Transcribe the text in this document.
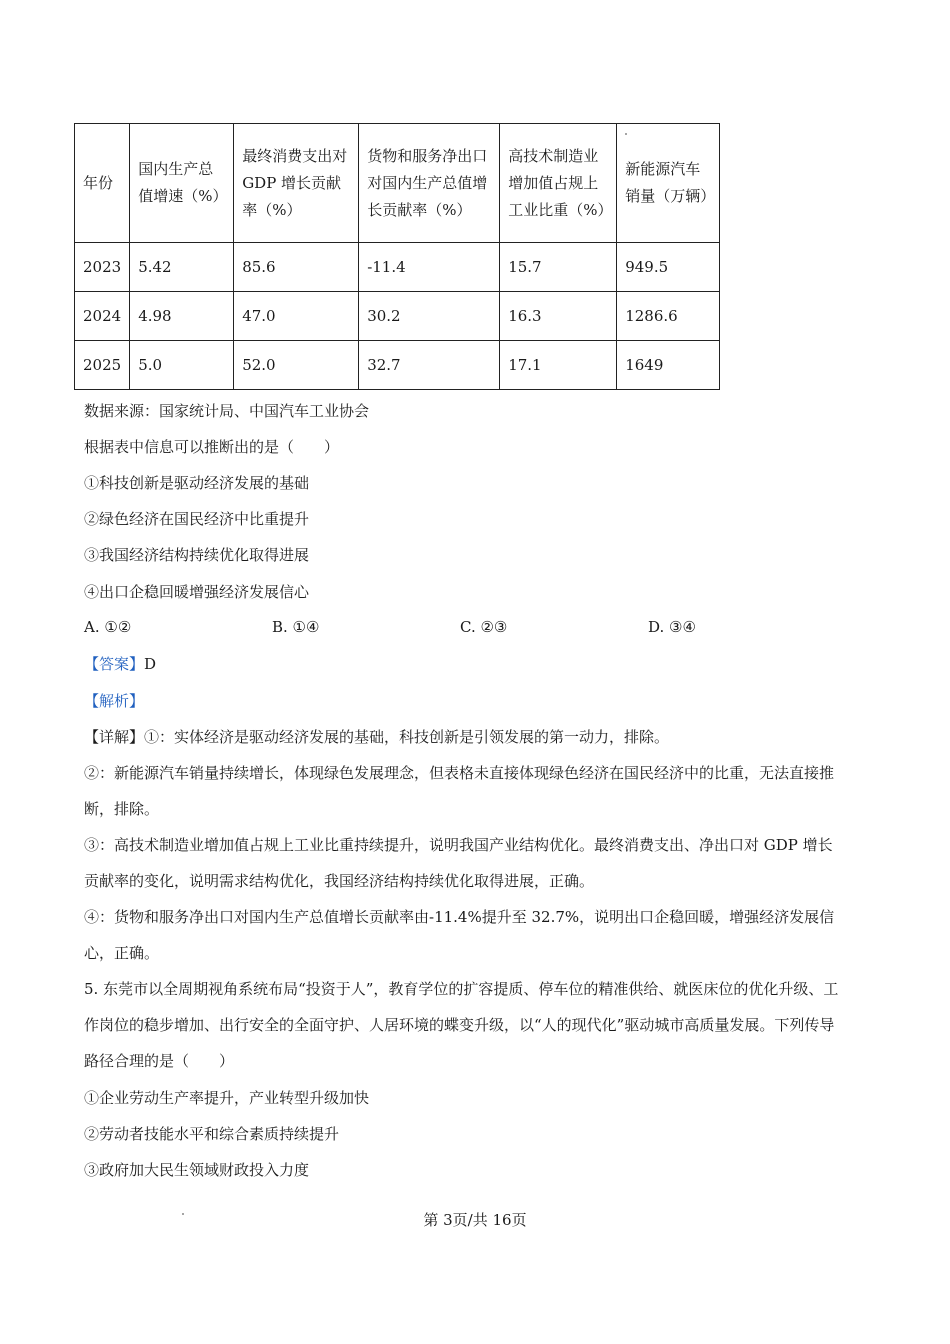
年份	国内生产总值增速（%）	最终消费支出对 GDP 增长贡献率（%）	货物和服务净出口对国内生产总值增长贡献率（%）	高技术制造业增加值占规上工业比重（%）	新能源汽车销量（万辆）
2023	5.42	85.6	-11.4	15.7	949.5
2024	4.98	47.0	30.2	16.3	1286.6
2025	5.0	52.0	32.7	17.1	1649
数据来源：国家统计局、中国汽车工业协会
根据表中信息可以推断出的是（　　）
①科技创新是驱动经济发展的基础
②绿色经济在国民经济中比重提升
③我国经济结构持续优化取得进展
④出口企稳回暖增强经济发展信心
A. ①②	B. ①④	C. ②③	D. ③④
【答案】D
【解析】
【详解】①：实体经济是驱动经济发展的基础，科技创新是引领发展的第一动力，排除。
②：新能源汽车销量持续增长，体现绿色发展理念，但表格未直接体现绿色经济在国民经济中的比重，无法直接推断，排除。
③：高技术制造业增加值占规上工业比重持续提升，说明我国产业结构优化。最终消费支出、净出口对 GDP 增长贡献率的变化，说明需求结构优化，我国经济结构持续优化取得进展，正确。
④：货物和服务净出口对国内生产总值增长贡献率由-11.4%提升至 32.7%，说明出口企稳回暖，增强经济发展信心，正确。
5. 东莞市以全周期视角系统布局“投资于人”，教育学位的扩容提质、停车位的精准供给、就医床位的优化升级、工作岗位的稳步增加、出行安全的全面守护、人居环境的蝶变升级，以“人的现代化”驱动城市高质量发展。下列传导路径合理的是（　　）
①企业劳动生产率提升，产业转型升级加快
②劳动者技能水平和综合素质持续提升
③政府加大民生领域财政投入力度
第 3页/共 16页
